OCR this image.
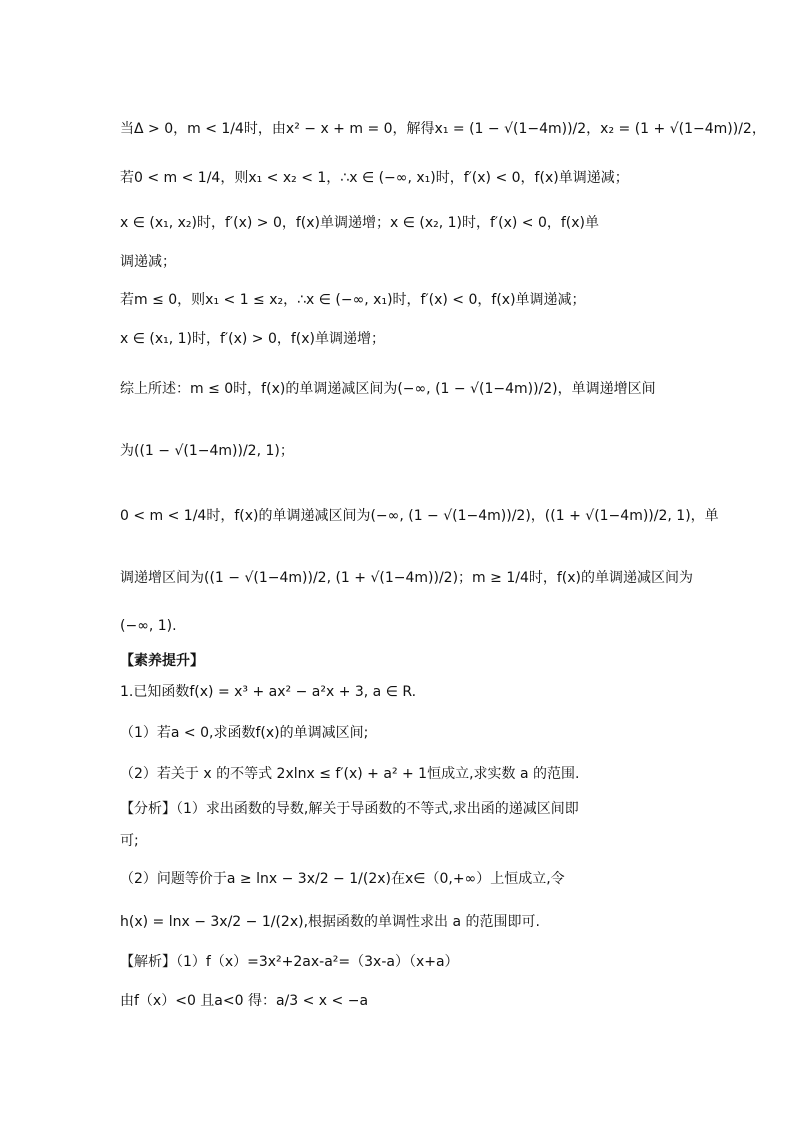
当Δ > 0，m < 1/4时，由x² − x + m = 0，解得x₁ = (1 − √(1−4m))/2，x₂ = (1 + √(1−4m))/2，
若0 < m < 1/4，则x₁ < x₂ < 1，∴x ∈ (−∞, x₁)时，f′(x) < 0，f(x)单调递减；
x ∈ (x₁, x₂)时，f′(x) > 0，f(x)单调递增；x ∈ (x₂, 1)时，f′(x) < 0，f(x)单
调递减；
若m ≤ 0，则x₁ < 1 ≤ x₂，∴x ∈ (−∞, x₁)时，f′(x) < 0，f(x)单调递减；
x ∈ (x₁, 1)时，f′(x) > 0，f(x)单调递增；
综上所述：m ≤ 0时，f(x)的单调递减区间为(−∞, (1 − √(1−4m))/2)，单调递增区间
为((1 − √(1−4m))/2, 1)；
0 < m < 1/4时，f(x)的单调递减区间为(−∞, (1 − √(1−4m))/2)，((1 + √(1−4m))/2, 1)，单
调递增区间为((1 − √(1−4m))/2, (1 + √(1−4m))/2)；m ≥ 1/4时，f(x)的单调递减区间为
(−∞, 1).
【素养提升】
1.已知函数f(x) = x³ + ax² − a²x + 3, a ∈ R.
（1）若a < 0,求函数f(x)的单调减区间;
（2）若关于 x 的不等式 2xlnx ≤ f′(x) + a² + 1恒成立,求实数 a 的范围.
【分析】（1）求出函数的导数,解关于导函数的不等式,求出函的递减区间即
可;
（2）问题等价于a ≥ lnx − 3x/2 − 1/(2x)在x∈（0,+∞）上恒成立,令
h(x) = lnx − 3x/2 − 1/(2x),根据函数的单调性求出 a 的范围即可.
【解析】（1）f（x）=3x²+2ax-a²=（3x-a）（x+a）
由f（x）<0 且a<0 得：a/3 < x < −a
